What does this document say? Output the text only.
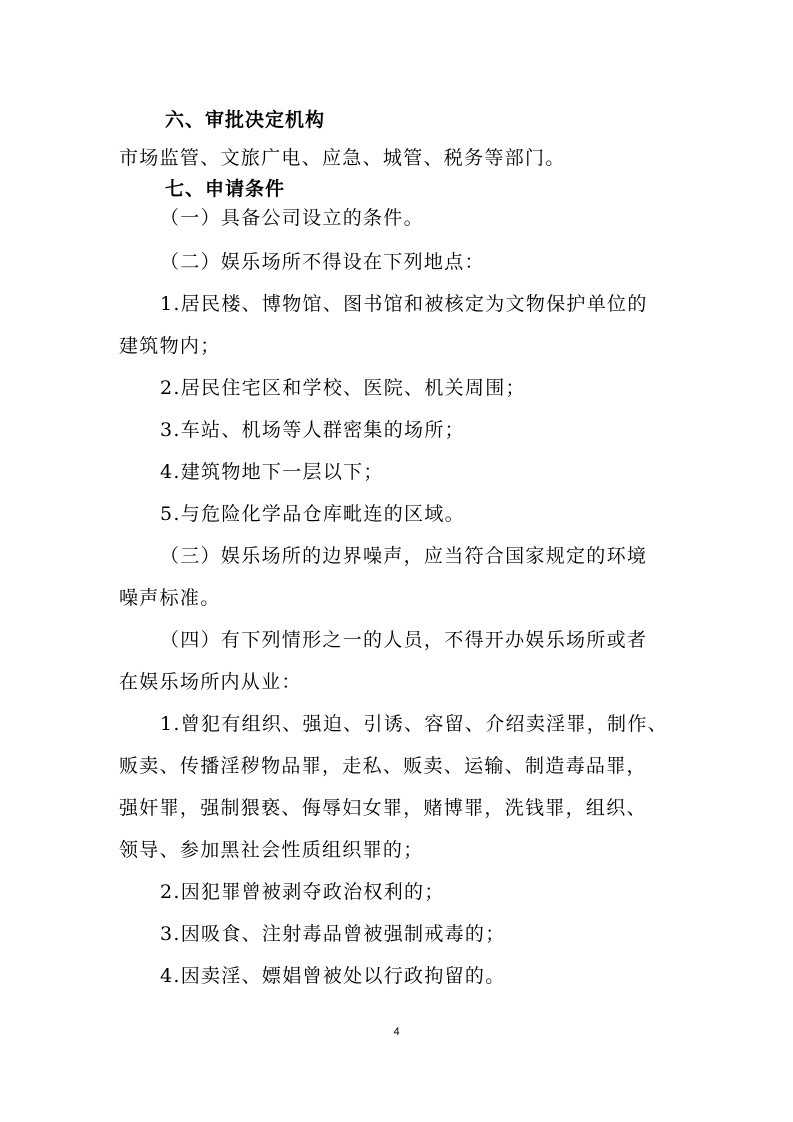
六、审批决定机构
市场监管、文旅广电、应急、城管、税务等部门。
七、申请条件
（一）具备公司设立的条件。
（二）娱乐场所不得设在下列地点：
1.居民楼、博物馆、图书馆和被核定为文物保护单位的
建筑物内；
2.居民住宅区和学校、医院、机关周围；
3.车站、机场等人群密集的场所；
4.建筑物地下一层以下；
5.与危险化学品仓库毗连的区域。
（三）娱乐场所的边界噪声，应当符合国家规定的环境
噪声标准。
（四）有下列情形之一的人员，不得开办娱乐场所或者
在娱乐场所内从业：
1.曾犯有组织、强迫、引诱、容留、介绍卖淫罪，制作、
贩卖、传播淫秽物品罪，走私、贩卖、运输、制造毒品罪，
强奸罪，强制猥亵、侮辱妇女罪，赌博罪，洗钱罪，组织、
领导、参加黑社会性质组织罪的；
2.因犯罪曾被剥夺政治权利的；
3.因吸食、注射毒品曾被强制戒毒的；
4.因卖淫、嫖娼曾被处以行政拘留的。
4
